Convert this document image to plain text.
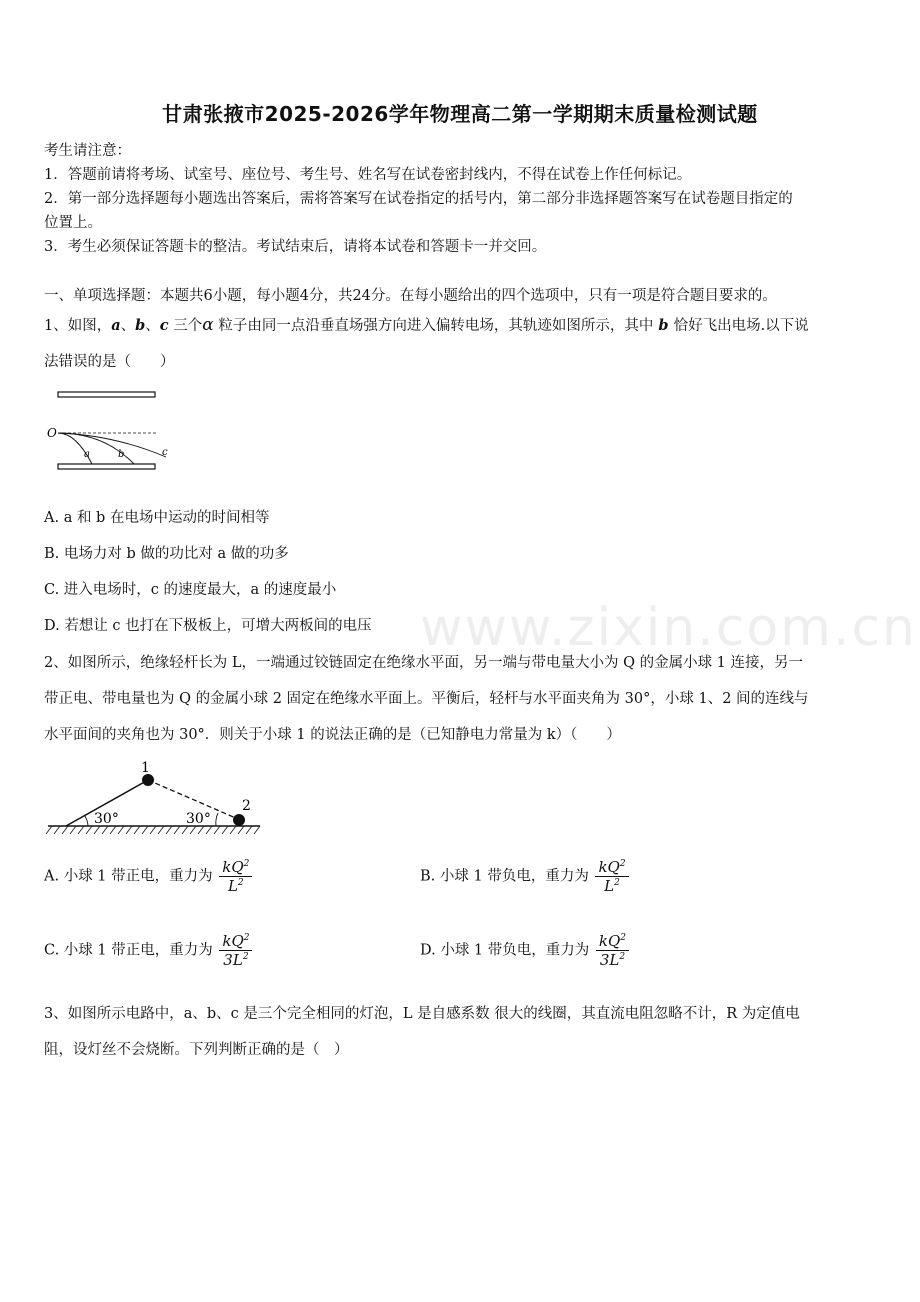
www.zixin.com.cn
甘肃张掖市2025-2026学年物理高二第一学期期末质量检测试题
考生请注意：
1．答题前请将考场、试室号、座位号、考生号、姓名写在试卷密封线内，不得在试卷上作任何标记。
2．第一部分选择题每小题选出答案后，需将答案写在试卷指定的括号内，第二部分非选择题答案写在试卷题目指定的
位置上。
3．考生必须保证答题卡的整洁。考试结束后，请将本试卷和答题卡一并交回。
一、单项选择题：本题共6小题，每小题4分，共24分。在每小题给出的四个选项中，只有一项是符合题目要求的。
1、如图，a、b、c 三个α 粒子由同一点沿垂直场强方向进入偏转电场，其轨迹如图所示，其中 b 恰好飞出电场.以下说
法错误的是（　　）
O
a	b	c
A. a 和 b 在电场中运动的时间相等
B. 电场力对 b 做的功比对 a 做的功多
C. 进入电场时，c 的速度最大，a 的速度最小
D. 若想让 c 也打在下极板上，可增大两板间的电压
2、如图所示，绝缘轻杆长为 L，一端通过铰链固定在绝缘水平面，另一端与带电量大小为 Q 的金属小球 1 连接，另一
带正电、带电量也为 Q 的金属小球 2 固定在绝缘水平面上。平衡后，轻杆与水平面夹角为 30°，小球 1、2 间的连线与
水平面间的夹角也为 30°．则关于小球 1 的说法正确的是（已知静电力常量为 k）（　　）
1
2
30°	30°
A. 小球 1 带正电，重力为 $\frac{kQ^2}{L^2}$	B. 小球 1 带负电，重力为 $\frac{kQ^2}{L^2}$
C. 小球 1 带正电，重力为 $\frac{kQ^2}{3L^2}$	D. 小球 1 带负电，重力为 $\frac{kQ^2}{3L^2}$
3、如图所示电路中，a、b、c 是三个完全相同的灯泡，L 是自感系数 很大的线圈，其直流电阻忽略不计，R 为定值电
阻，设灯丝不会烧断。下列判断正确的是（　）
